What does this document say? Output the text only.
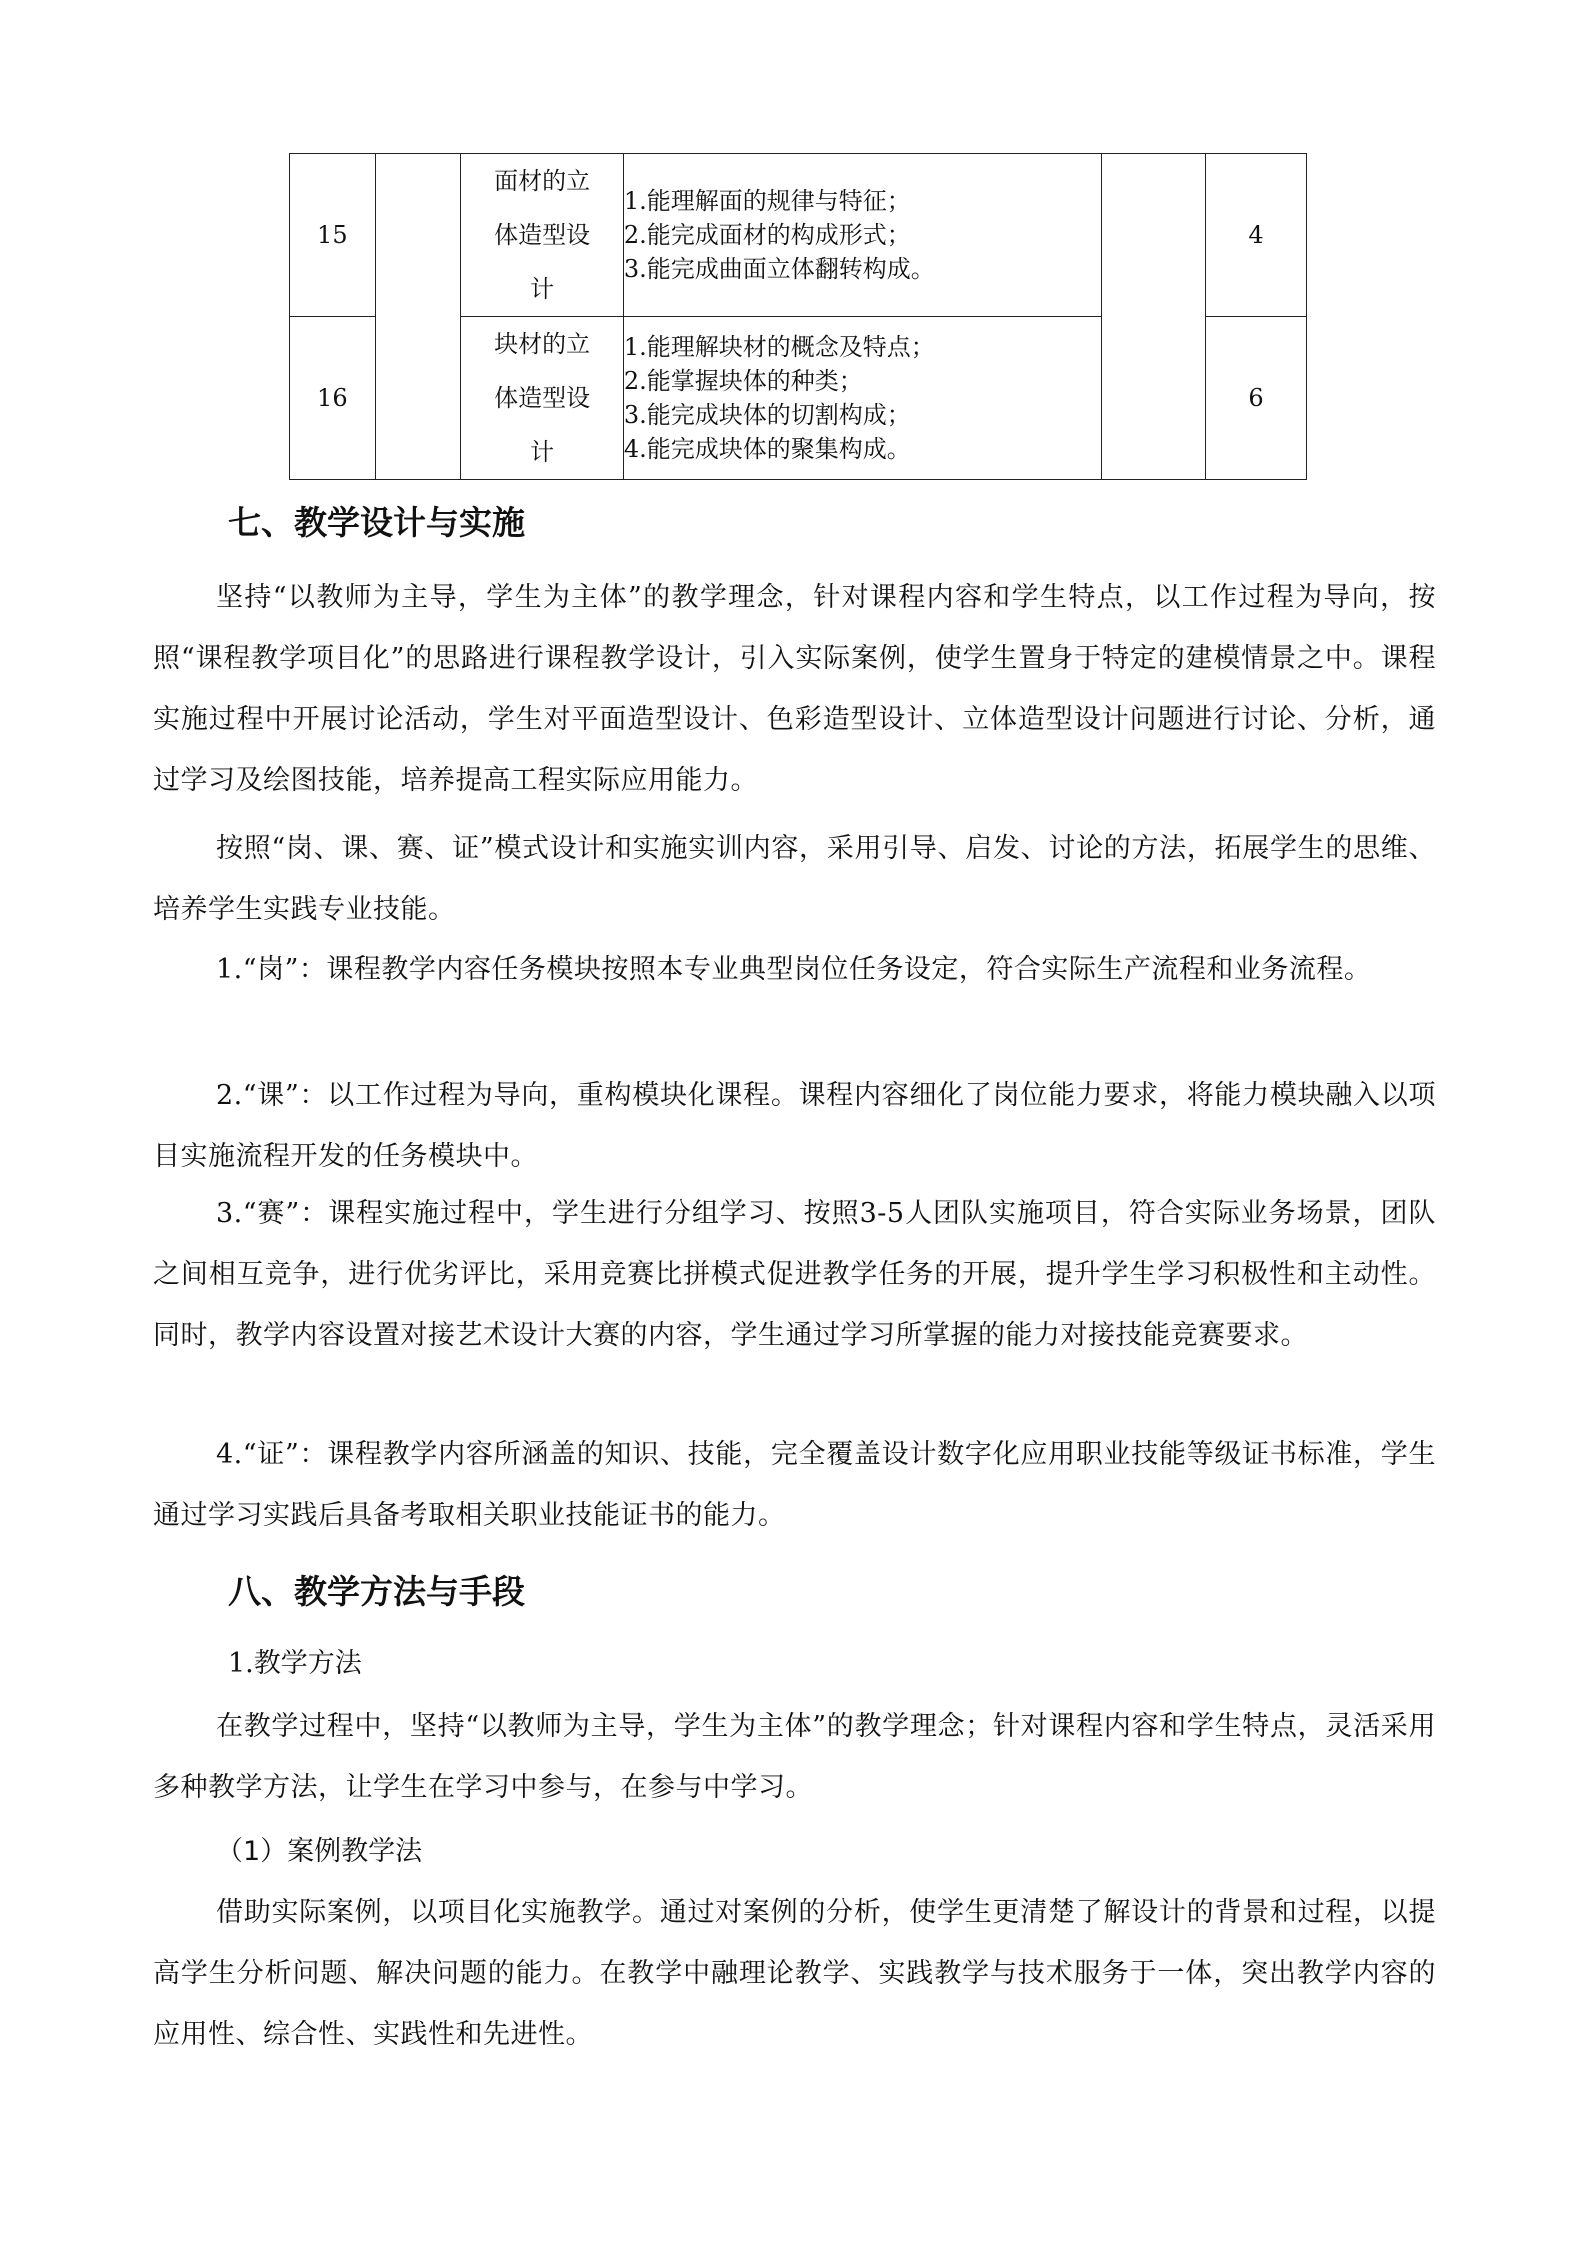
15		面材的立
体造型设
计	1.能理解面的规律与特征；
2.能完成面材的构成形式；
3.能完成曲面立体翻转构成。		4
16		块材的立
体造型设
计	1.能理解块材的概念及特点；
2.能掌握块体的种类；
3.能完成块体的切割构成；
4.能完成块体的聚集构成。		6
七、教学设计与实施

坚持“以教师为主导，学生为主体”的教学理念，针对课程内容和学生特点，以工作过程为导向，按照“课程教学项目化”的思路进行课程教学设计，引入实际案例，使学生置身于特定的建模情景之中。课程实施过程中开展讨论活动，学生对平面造型设计、色彩造型设计、立体造型设计问题进行讨论、分析，通过学习及绘图技能，培养提高工程实际应用能力。

按照“岗、课、赛、证”模式设计和实施实训内容，采用引导、启发、讨论的方法，拓展学生的思维、培养学生实践专业技能。

1.“岗”：课程教学内容任务模块按照本专业典型岗位任务设定，符合实际生产流程和业务流程。

2.“课”：以工作过程为导向，重构模块化课程。课程内容细化了岗位能力要求，将能力模块融入以项目实施流程开发的任务模块中。

3.“赛”：课程实施过程中，学生进行分组学习、按照3-5人团队实施项目，符合实际业务场景，团队之间相互竞争，进行优劣评比，采用竞赛比拼模式促进教学任务的开展，提升学生学习积极性和主动性。同时，教学内容设置对接艺术设计大赛的内容，学生通过学习所掌握的能力对接技能竞赛要求。

4.“证”：课程教学内容所涵盖的知识、技能，完全覆盖设计数字化应用职业技能等级证书标准，学生通过学习实践后具备考取相关职业技能证书的能力。

八、教学方法与手段

1.教学方法

在教学过程中，坚持“以教师为主导，学生为主体”的教学理念；针对课程内容和学生特点，灵活采用多种教学方法，让学生在学习中参与，在参与中学习。

（1）案例教学法

借助实际案例，以项目化实施教学。通过对案例的分析，使学生更清楚了解设计的背景和过程，以提高学生分析问题、解决问题的能力。在教学中融理论教学、实践教学与技术服务于一体，突出教学内容的应用性、综合性、实践性和先进性。
